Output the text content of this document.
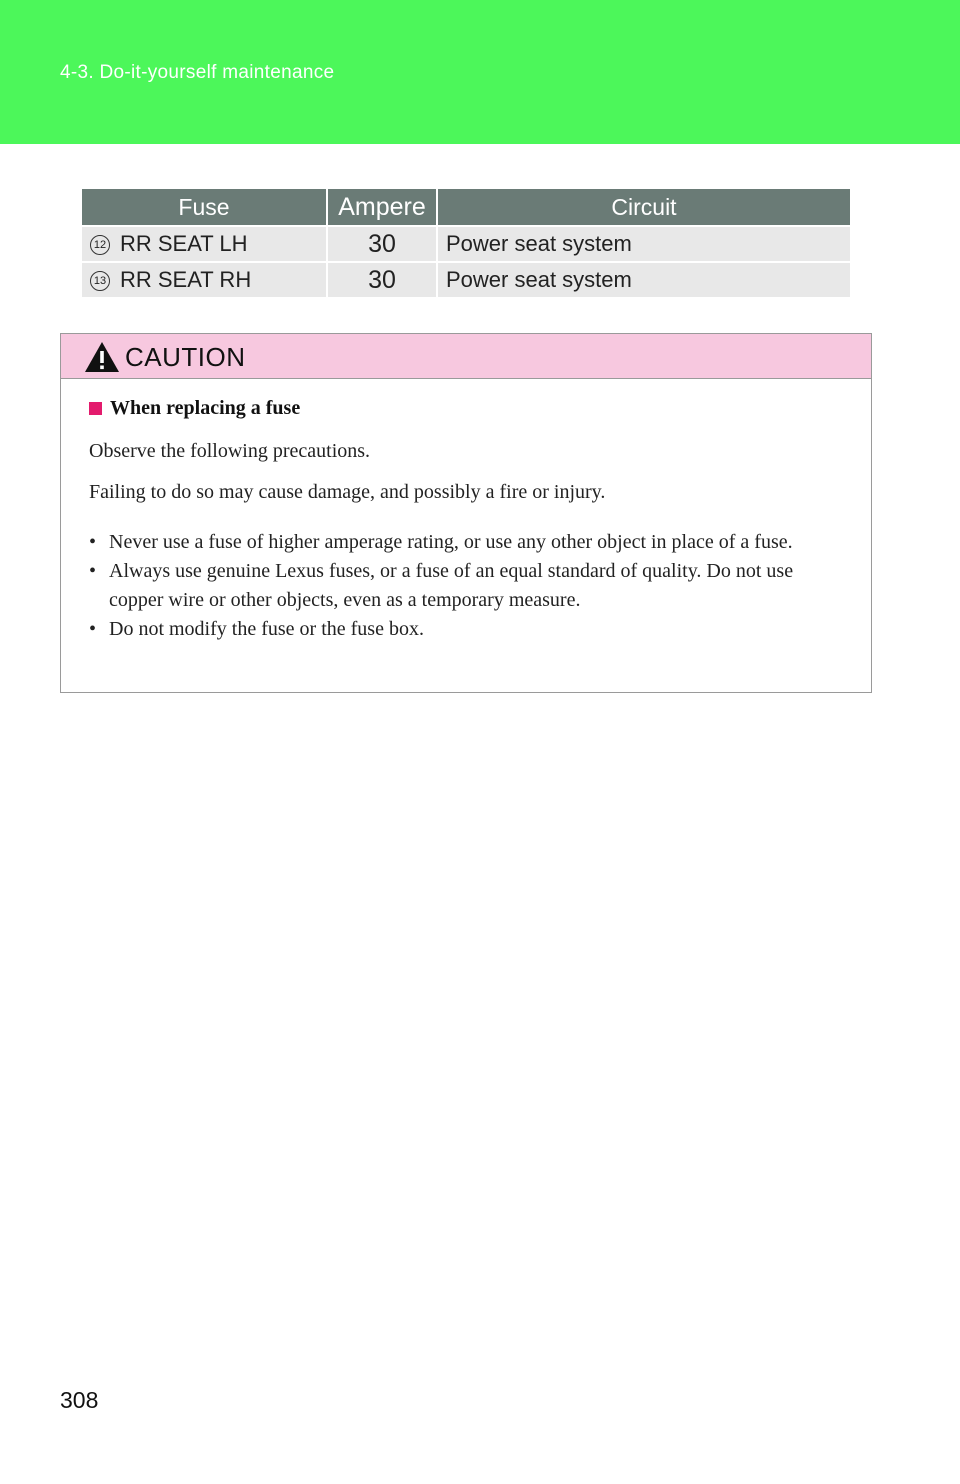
4-3. Do-it-yourself maintenance
Fuse	Ampere	Circuit
12 RR SEAT LH	30	Power seat system
13 RR SEAT RH	30	Power seat system
CAUTION
When replacing a fuse

Observe the following precautions.

Failing to do so may cause damage, and possibly a fire or injury.

• Never use a fuse of higher amperage rating, or use any other object in place of a fuse.
• Always use genuine Lexus fuses, or a fuse of an equal standard of quality. Do not use copper wire or other objects, even as a temporary measure.
• Do not modify the fuse or the fuse box.
308
